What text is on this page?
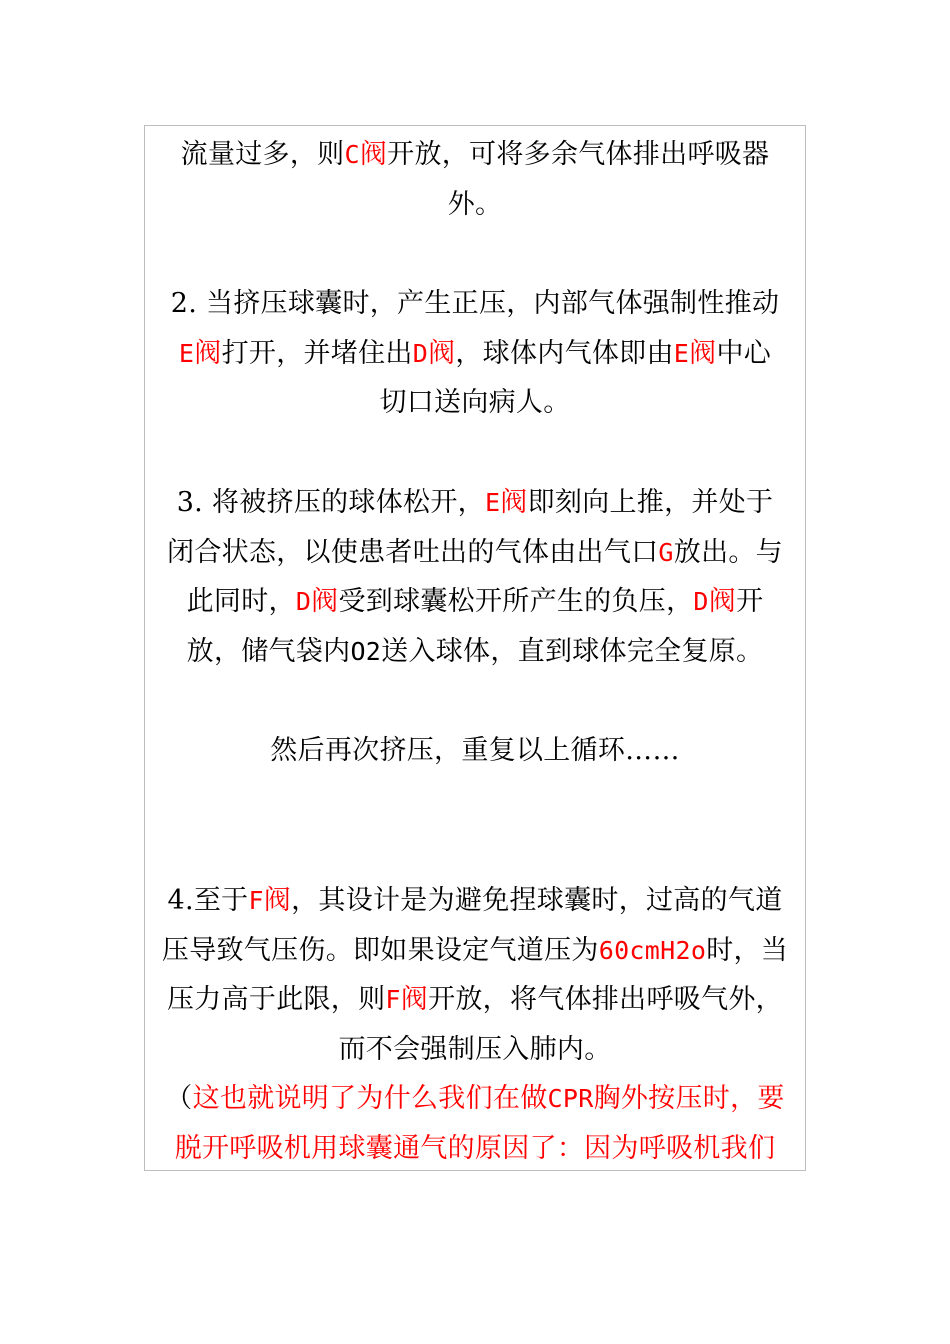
流量过多，则C阀开放，可将多余气体排出呼吸器
外。
2. 当挤压球囊时，产生正压，内部气体强制性推动
E阀打开，并堵住出D阀，球体内气体即由E阀中心
切口送向病人。
3. 将被挤压的球体松开，E阀即刻向上推，并处于
闭合状态，以使患者吐出的气体由出气口G放出。与
此同时，D阀受到球囊松开所产生的负压，D阀开
放，储气袋内O2送入球体，直到球体完全复原。
然后再次挤压，重复以上循环……
4.至于F阀，其设计是为避免捏球囊时，过高的气道
压导致气压伤。即如果设定气道压为60cmH2o时，当
压力高于此限，则F阀开放，将气体排出呼吸气外，
而不会强制压入肺内。
（这也就说明了为什么我们在做CPR胸外按压时，要
脱开呼吸机用球囊通气的原因了：因为呼吸机我们
